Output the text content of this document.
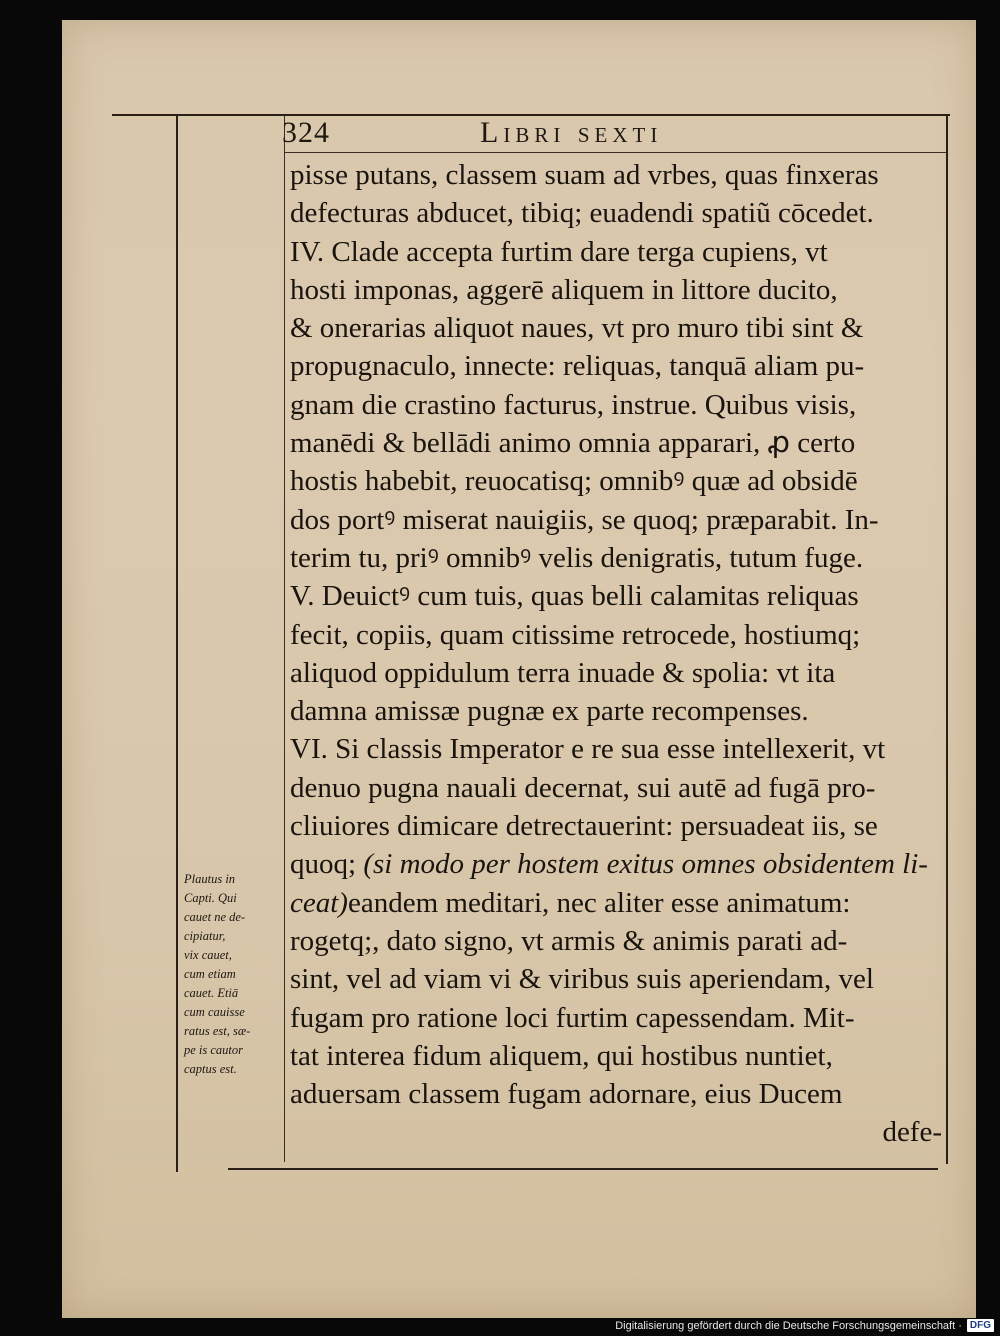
324	Libri sexti
pisse putans, classem suam ad vrbes, quas finxeras
defecturas abducet, tibiq; euadendi spatiũ cōcedet.
IV. Clade accepta furtim dare terga cupiens, vt
hosti imponas, aggerē aliquem in littore ducito,
& onerarias aliquot naues, vt pro muro tibi sint &
propugnaculo, innecte: reliquas, tanquā aliam pu-
gnam die crastino facturus, instrue. Quibus visis,
manēdi & bellādi animo omnia apparari, ꝓ certo
hostis habebit, reuocatisq; omnibꝰ quæ ad obsidē
dos portꝰ miserat nauigiis, se quoq; præparabit. In-
terim tu, priꝰ omnibꝰ velis denigratis, tutum fuge.
V. Deuictꝰ cum tuis, quas belli calamitas reliquas
fecit, copiis, quam citissime retrocede, hostiumq;
aliquod oppidulum terra inuade & spolia: vt ita
damna amissæ pugnæ ex parte recompenses.
VI. Si classis Imperator e re sua esse intellexerit, vt
denuo pugna nauali decernat, sui autē ad fugā pro-
cliuiores dimicare detrectauerint: persuadeat iis, se
quoq; (si modo per hostem exitus omnes obsidentem li-
ceat)eandem meditari, nec aliter esse animatum:
rogetq;, dato signo, vt armis & animis parati ad-
sint, vel ad viam vi & viribus suis aperiendam, vel
fugam pro ratione loci furtim capessendam. Mit-
tat interea fidum aliquem, qui hostibus nuntiet,
aduersam classem fugam adornare, eius Ducem
defe-
Plautus in
Capti. Qui
cauet ne de-
cipiatur,
vix cauet,
cum etiam
cauet. Etiā
cum cauisse
ratus est, sæ-
pe is cautor
captus est.
Digitalisierung gefördert durch die Deutsche Forschungsgemeinschaft · DFG
